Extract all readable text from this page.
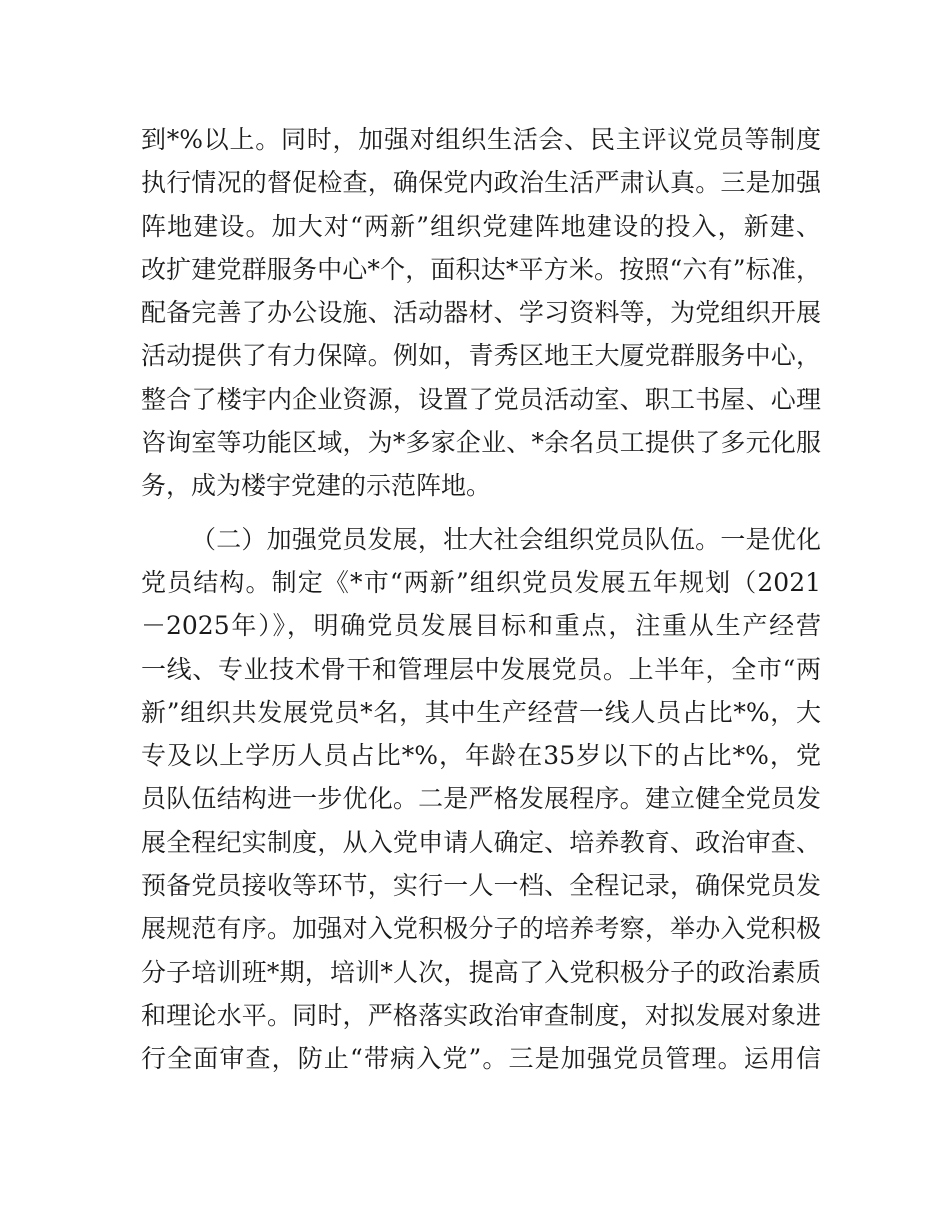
到*%以上。同时，加强对组织生活会、民主评议党员等制度
执行情况的督促检查，确保党内政治生活严肃认真。三是加强
阵地建设。加大对“两新”组织党建阵地建设的投入，新建、
改扩建党群服务中心*个，面积达*平方米。按照“六有”标准，
配备完善了办公设施、活动器材、学习资料等，为党组织开展
活动提供了有力保障。例如，青秀区地王大厦党群服务中心，
整合了楼宇内企业资源，设置了党员活动室、职工书屋、心理
咨询室等功能区域，为*多家企业、*余名员工提供了多元化服
务，成为楼宇党建的示范阵地。
（二）加强党员发展，壮大社会组织党员队伍。一是优化
党员结构。制定《*市“两新”组织党员发展五年规划（2021
－2025年）》，明确党员发展目标和重点，注重从生产经营
一线、专业技术骨干和管理层中发展党员。上半年，全市“两
新”组织共发展党员*名，其中生产经营一线人员占比*%，大
专及以上学历人员占比*%，年龄在35岁以下的占比*%，党
员队伍结构进一步优化。二是严格发展程序。建立健全党员发
展全程纪实制度，从入党申请人确定、培养教育、政治审查、
预备党员接收等环节，实行一人一档、全程记录，确保党员发
展规范有序。加强对入党积极分子的培养考察，举办入党积极
分子培训班*期，培训*人次，提高了入党积极分子的政治素质
和理论水平。同时，严格落实政治审查制度，对拟发展对象进
行全面审查，防止“带病入党”。三是加强党员管理。运用信
